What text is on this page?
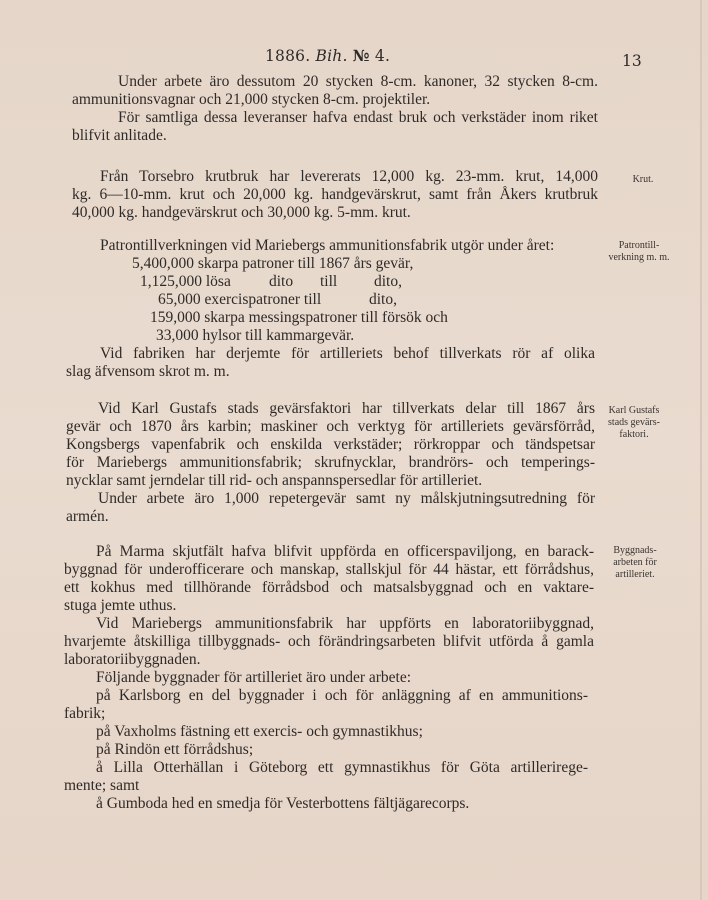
1886. Bih. № 4.	13
Under arbete äro dessutom 20 stycken 8-cm. kanoner, 32 stycken 8-cm.
ammunitionsvagnar och 21,000 stycken 8-cm. projektiler.
För samtliga dessa leveranser hafva endast bruk och verkstäder inom riket
blifvit anlitade.
Från Torsebro krutbruk har levererats 12,000 kg. 23-mm. krut, 14,000
kg. 6—10-mm. krut och 20,000 kg. handgevärskrut, samt från Åkers krutbruk
40,000 kg. handgevärskrut och 30,000 kg. 5-mm. krut.
Krut.
Patrontillverkningen vid Mariebergs ammunitionsfabrik utgör under året:	Patrontill-
verkning m. m.
5,400,000 skarpa patroner till 1867 års gevär,
1,125,000 lösa dito till dito,
65,000 exercispatroner till	dito,
159,000 skarpa messingspatroner till försök och
33,000 hylsor till kammargevär.
Vid fabriken har derjemte för artilleriets behof tillverkats rör af olika
slag äfvensom skrot m. m.
Vid Karl Gustafs stads gevärsfaktori har tillverkats delar till 1867 års
gevär och 1870 års karbin; maskiner och verktyg för artilleriets gevärsförråd,
Kongsbergs vapenfabrik och enskilda verkstäder; rörkroppar och tändspetsar
för Mariebergs ammunitionsfabrik; skrufnycklar, brandrörs- och temperings-
nycklar samt jerndelar till rid- och anspannspersedlar för artilleriet.
Karl Gustafs
stads gevärs-
faktori.
Under arbete äro 1,000 repetergevär samt ny målskjutningsutredning för
armén.
På Marma skjutfält hafva blifvit uppförda en officerspaviljong, en barack-
byggnad för underofficerare och manskap, stallskjul för 44 hästar, ett förrådshus,
ett kokhus med tillhörande förrådsbod och matsalsbyggnad och en vaktare-
stuga jemte uthus.
Byggnads-
arbeten för
artilleriet.
Vid Mariebergs ammunitionsfabrik har uppförts en laboratoriibyggnad,
hvarjemte åtskilliga tillbyggnads- och förändringsarbeten blifvit utförda å gamla
laboratoriibyggnaden.
Följande byggnader för artilleriet äro under arbete:
på Karlsborg en del byggnader i och för anläggning af en ammunitions-
fabrik;
på Vaxholms fästning ett exercis- och gymnastikhus;
på Rindön ett förrådshus;
å Lilla Otterhällan i Göteborg ett gymnastikhus för Göta artilleriregе-
mente; samt
å Gumboda hed en smedja för Vesterbottens fältjägarecorps.
